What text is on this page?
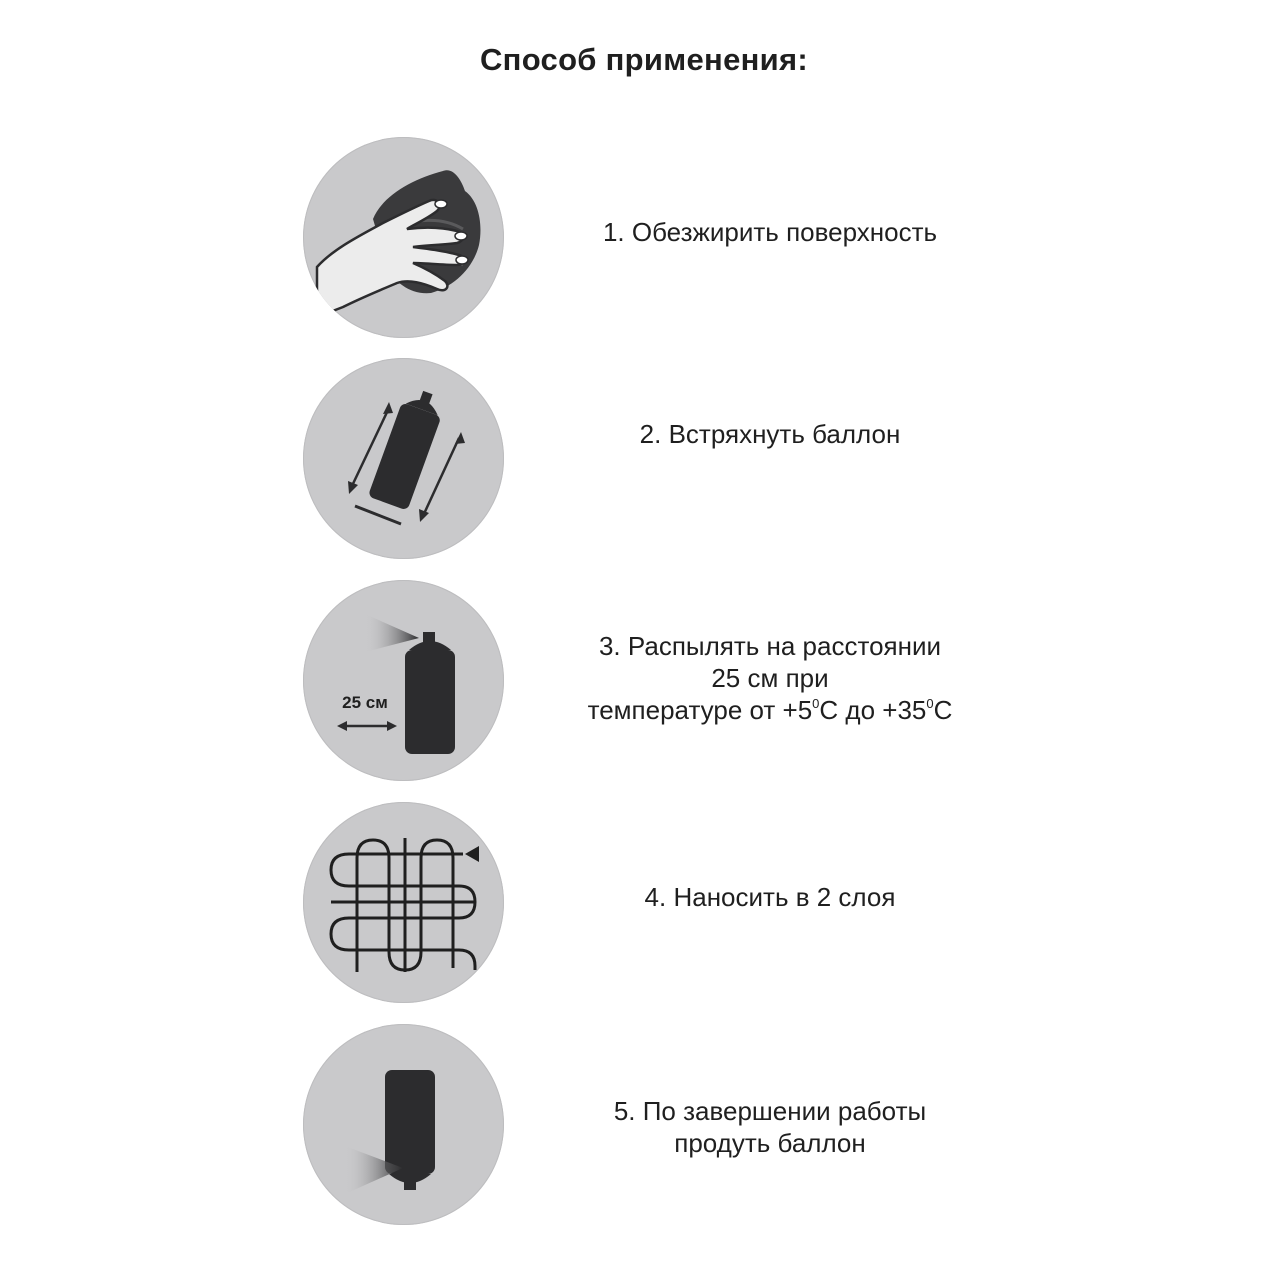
Способ применения:
1. Обезжирить поверхность
2. Встряхнуть баллон
25 см
3. Распылять на расстоянии
25 см при
температуре от $+5^0C$ до $+35^0C$
4. Наносить в 2 слоя
5. По завершении работы
продуть баллон
